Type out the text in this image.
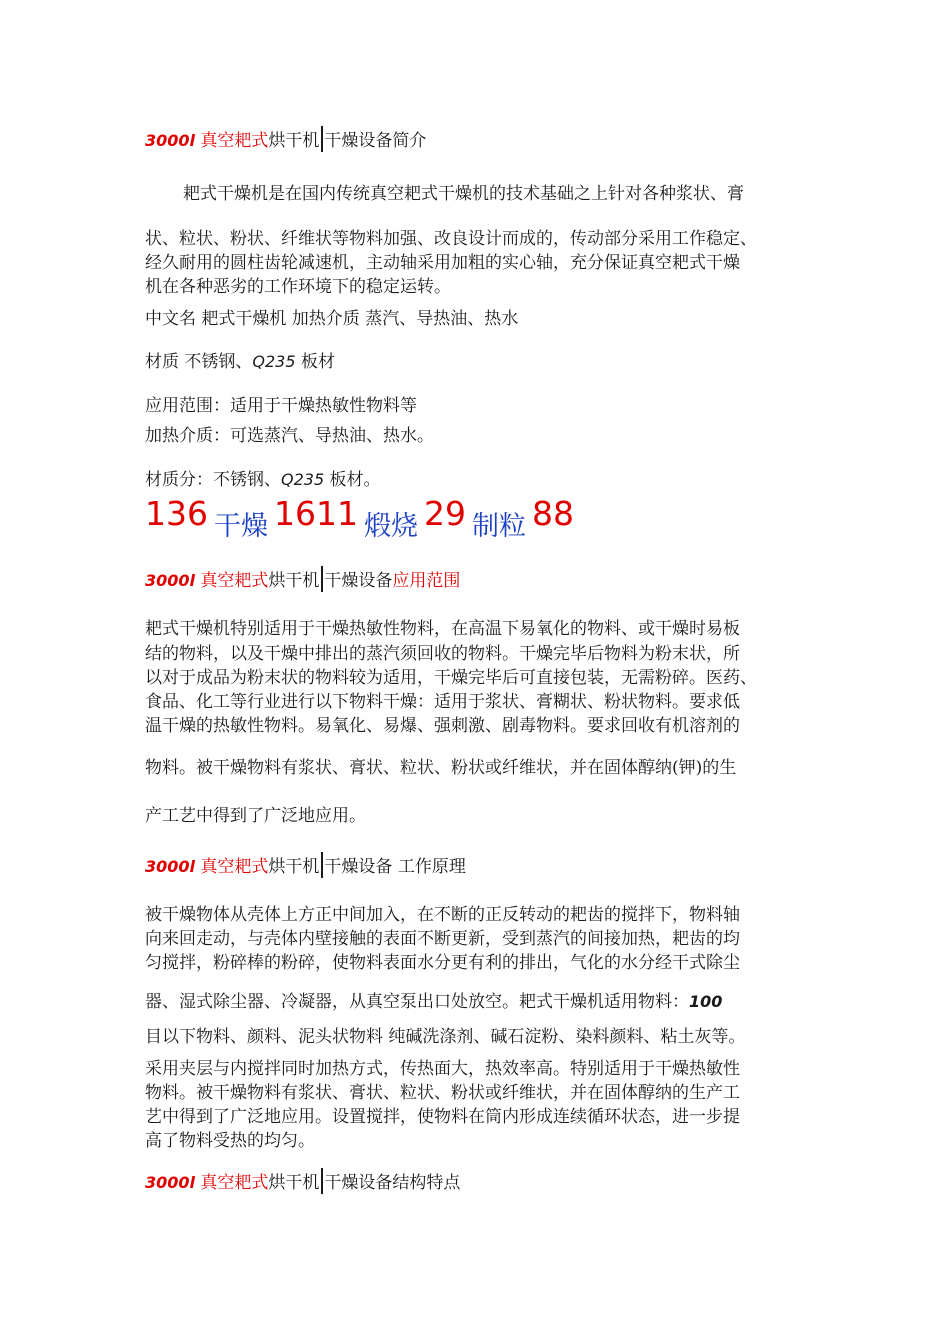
3000l 真空耙式烘干机 干燥设备简介
耙式干燥机是在国内传统真空耙式干燥机的技术基础之上针对各种浆状、膏
状、粒状、粉状、纤维状等物料加强、改良设计而成的，传动部分采用工作稳定、
经久耐用的圆柱齿轮减速机，主动轴采用加粗的实心轴，充分保证真空耙式干燥
机在各种恶劣的工作环境下的稳定运转。
中文名 耙式干燥机 加热介质 蒸汽、导热油、热水
材质 不锈钢、Q235 板材
应用范围：适用于干燥热敏性物料等
加热介质：可选蒸汽、导热油、热水。
材质分：不锈钢、Q235 板材。
136 干燥 1611 煅烧 29 制粒 88
3000l 真空耙式烘干机 干燥设备应用范围
耙式干燥机特别适用于干燥热敏性物料，在高温下易氧化的物料、或干燥时易板
结的物料，以及干燥中排出的蒸汽须回收的物料。干燥完毕后物料为粉末状，所
以对于成品为粉末状的物料较为适用，干燥完毕后可直接包装，无需粉碎。医药、
食品、化工等行业进行以下物料干燥：适用于浆状、膏糊状、粉状物料。要求低
温干燥的热敏性物料。易氧化、易爆、强刺激、剧毒物料。要求回收有机溶剂的
物料。被干燥物料有浆状、膏状、粒状、粉状或纤维状，并在固体醇纳(钾)的生
产工艺中得到了广泛地应用。
3000l 真空耙式烘干机 干燥设备 工作原理
被干燥物体从壳体上方正中间加入，在不断的正反转动的耙齿的搅拌下，物料轴
向来回走动，与壳体内壁接触的表面不断更新，受到蒸汽的间接加热，耙齿的均
匀搅拌，粉碎棒的粉碎，使物料表面水分更有利的排出，气化的水分经干式除尘
器、湿式除尘器、冷凝器，从真空泵出口处放空。耙式干燥机适用物料：100
目以下物料、颜料、泥头状物料 纯碱洗涤剂、碱石淀粉、染料颜料、粘土灰等。
采用夹层与内搅拌同时加热方式，传热面大，热效率高。特别适用于干燥热敏性
物料。被干燥物料有浆状、膏状、粒状、粉状或纤维状，并在固体醇纳的生产工
艺中得到了广泛地应用。设置搅拌，使物料在筒内形成连续循环状态，进一步提
高了物料受热的均匀。
3000l 真空耙式烘干机 干燥设备结构特点
